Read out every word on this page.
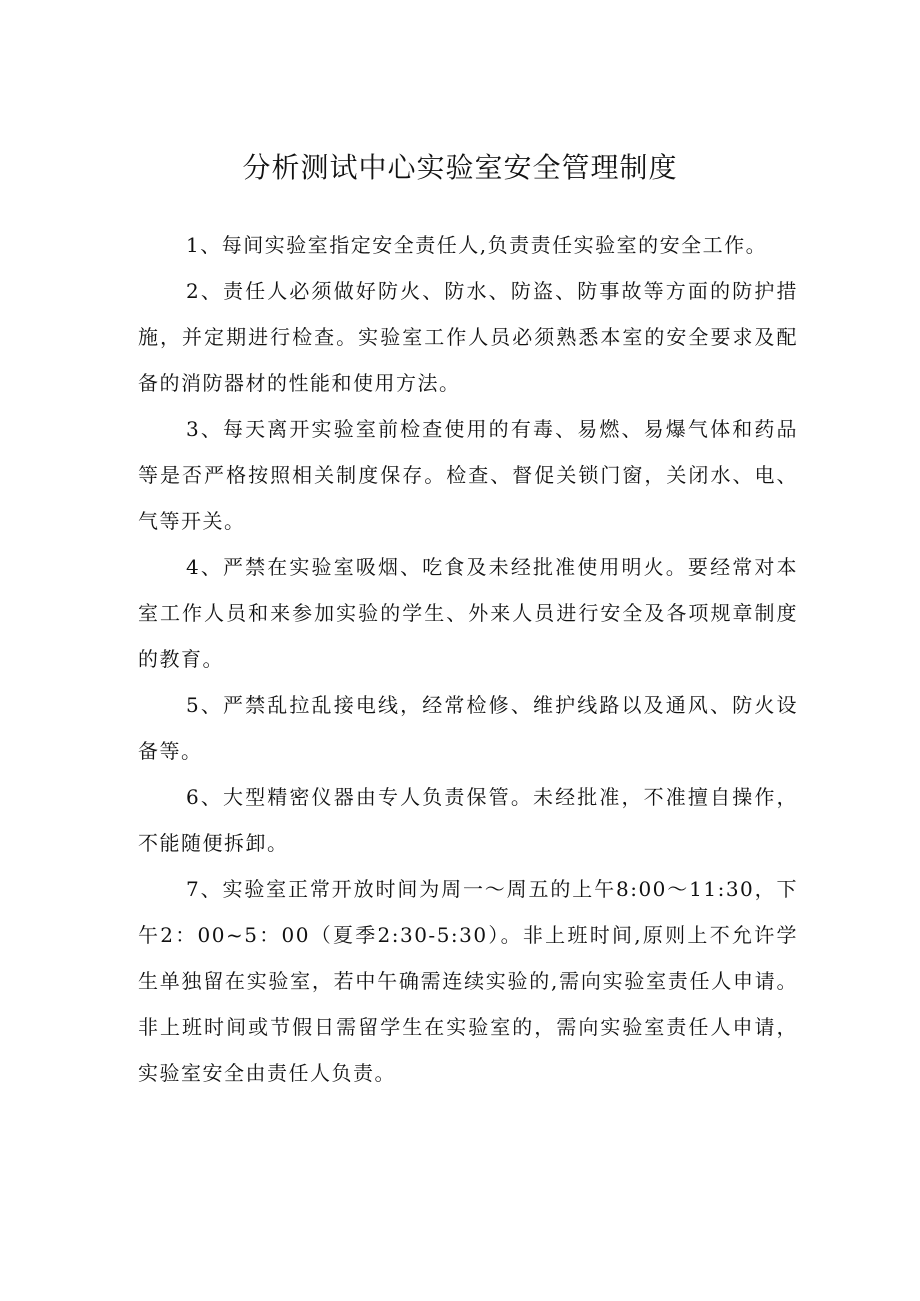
分析测试中心实验室安全管理制度

1、每间实验室指定安全责任人,负责责任实验室的安全工作。

2、责任人必须做好防火、防水、防盗、防事故等方面的防护措施，并定期进行检查。实验室工作人员必须熟悉本室的安全要求及配备的消防器材的性能和使用方法。

3、每天离开实验室前检查使用的有毒、易燃、易爆气体和药品等是否严格按照相关制度保存。检查、督促关锁门窗，关闭水、电、气等开关。

4、严禁在实验室吸烟、吃食及未经批准使用明火。要经常对本室工作人员和来参加实验的学生、外来人员进行安全及各项规章制度的教育。

5、严禁乱拉乱接电线，经常检修、维护线路以及通风、防火设备等。

6、大型精密仪器由专人负责保管。未经批准，不准擅自操作，不能随便拆卸。

7、实验室正常开放时间为周一～周五的上午8:00～11:30，下午2：00~5：00（夏季2:30-5:30）。非上班时间,原则上不允许学生单独留在实验室，若中午确需连续实验的,需向实验室责任人申请。非上班时间或节假日需留学生在实验室的，需向实验室责任人申请，实验室安全由责任人负责。
